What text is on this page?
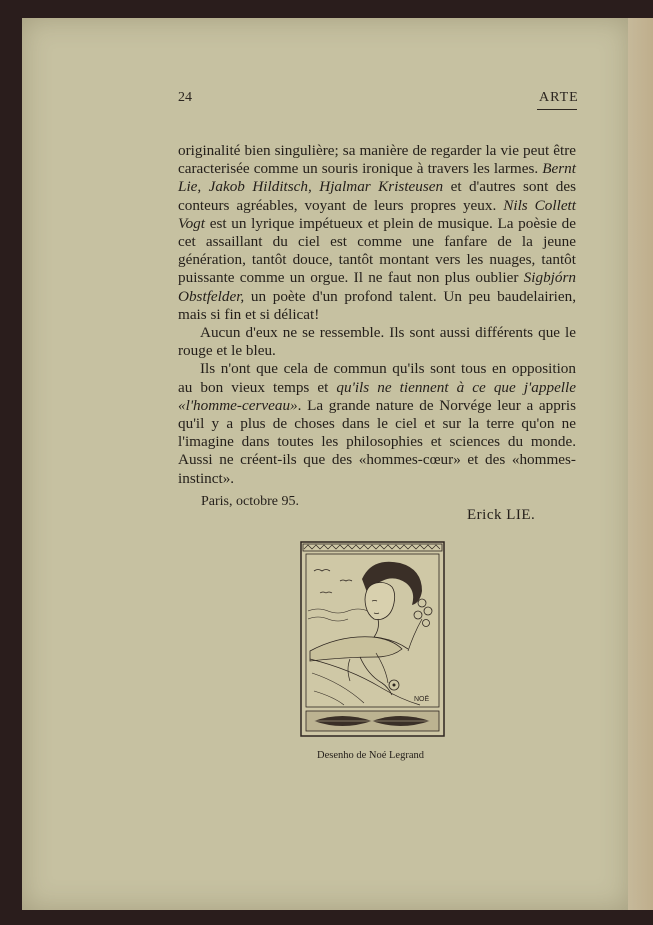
24	ARTE

originalité bien singulière; sa manière de regarder la vie peut être caracterisée comme un souris ironique à travers les larmes. Bernt Lie, Jakob Hilditsch, Hjalmar Kristeusen et d'autres sont des conteurs agréables, voyant de leurs propres yeux. Nils Collett Vogt est un lyrique impétueux et plein de musique. La poèsie de cet assaillant du ciel est comme une fanfare de la jeune génération, tantôt douce, tantôt montant vers les nuages, tantôt puissante comme un orgue. Il ne faut non plus oublier Sigbjórn Obstfelder, un poète d'un profond talent. Un peu baudelairien, mais si fin et si délicat!

Aucun d'eux ne se ressemble. Ils sont aussi différents que le rouge et le bleu.

Ils n'ont que cela de commun qu'ils sont tous en opposition au bon vieux temps et qu'ils ne tiennent à ce que j'appelle «l'homme-cerveau». La grande nature de Norvége leur a appris qu'il y a plus de choses dans le ciel et sur la terre qu'on ne l'imagine dans toutes les philosophies et sciences du monde. Aussi ne créent-ils que des «hommes-cœur» et des «hommes-instinct».

Paris, octobre 95.
Erick LIE.
NOË
Desenho de Noé Legrand
